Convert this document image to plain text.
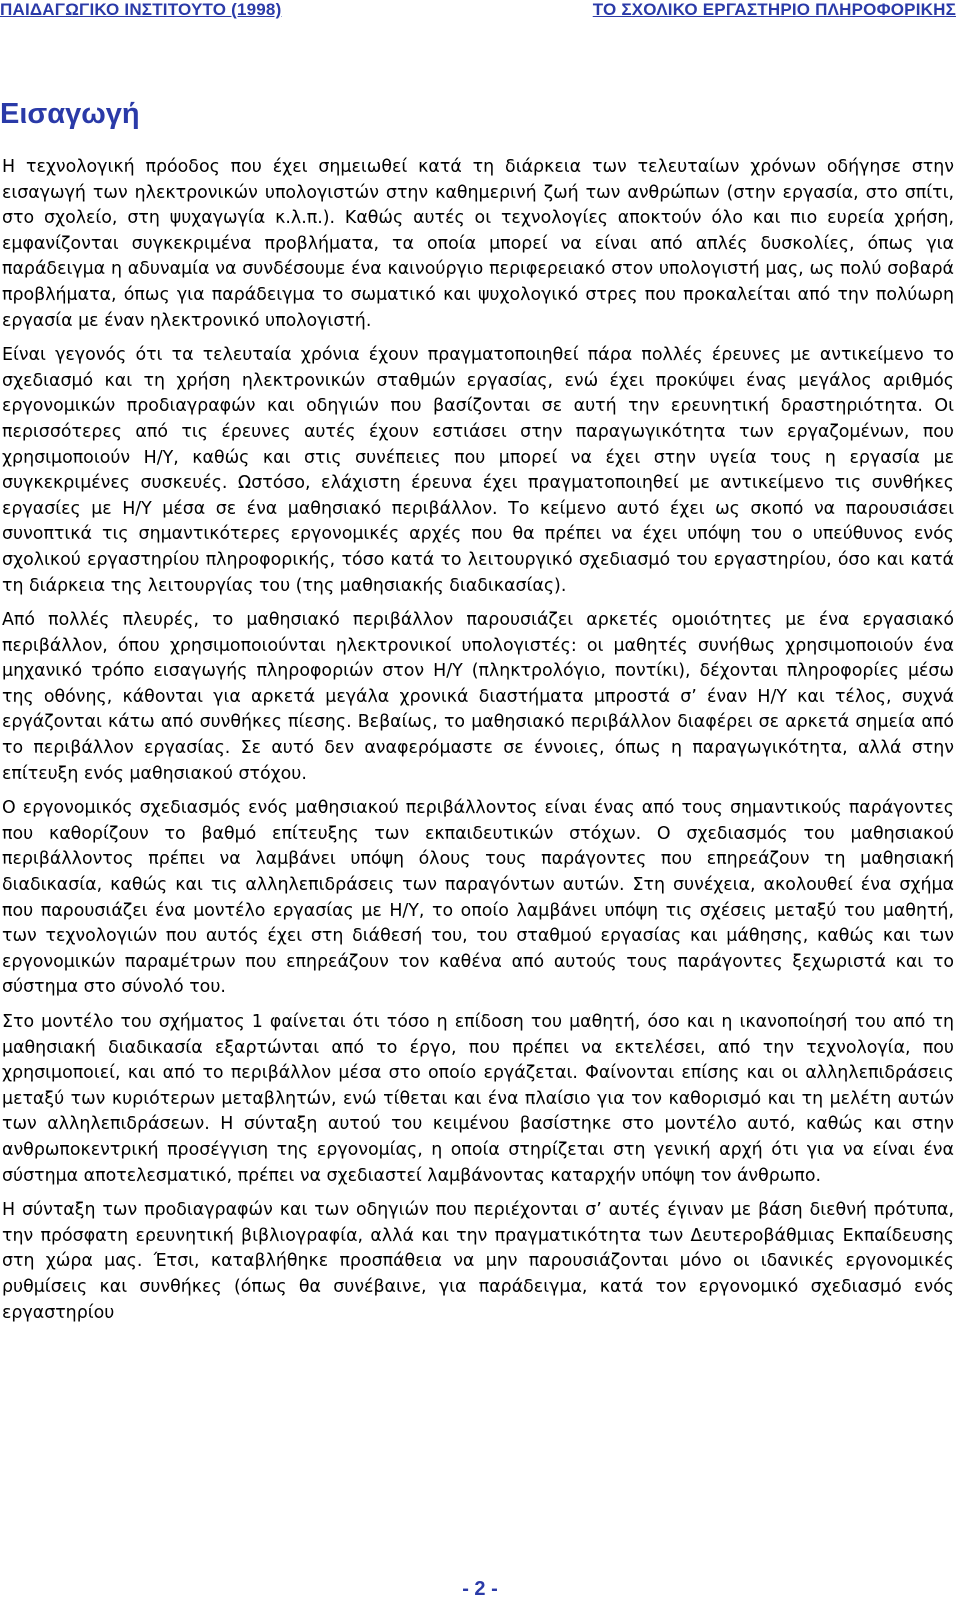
ΠΑΙΔΑΓΩΓΙΚΟ ΙΝΣΤΙΤΟΥΤΟ (1998)	ΤΟ ΣΧΟΛΙΚΟ ΕΡΓΑΣΤΗΡΙΟ ΠΛΗΡΟΦΟΡΙΚΗΣ
Εισαγωγή

Η τεχνολογική πρόοδος που έχει σημειωθεί κατά τη διάρκεια των τελευταίων χρόνων οδήγησε στην εισαγωγή των ηλεκτρονικών υπολογιστών στην καθημερινή ζωή των ανθρώπων (στην εργασία, στο σπίτι, στο σχολείο, στη ψυχαγωγία κ.λ.π.). Καθώς αυτές οι τεχνολογίες αποκτούν όλο και πιο ευρεία χρήση, εμφανίζονται συγκεκριμένα προβλήματα, τα οποία μπορεί να είναι από απλές δυσκολίες, όπως για παράδειγμα η αδυναμία να συνδέσουμε ένα καινούργιο περιφερειακό στον υπολογιστή μας, ως πολύ σοβαρά προβλήματα, όπως για παράδειγμα το σωματικό και ψυχολογικό στρες που προκαλείται από την πολύωρη εργασία με έναν ηλεκτρονικό υπολογιστή.

Είναι γεγονός ότι τα τελευταία χρόνια έχουν πραγματοποιηθεί πάρα πολλές έρευνες με αντικείμενο το σχεδιασμό και τη χρήση ηλεκτρονικών σταθμών εργασίας, ενώ έχει προκύψει ένας μεγάλος αριθμός εργονομικών προδιαγραφών και οδηγιών που βασίζονται σε αυτή την ερευνητική δραστηριότητα. Οι περισσότερες από τις έρευνες αυτές έχουν εστιάσει στην παραγωγικότητα των εργαζομένων, που χρησιμοποιούν Η/Υ, καθώς και στις συνέπειες που μπορεί να έχει στην υγεία τους η εργασία με συγκεκριμένες συσκευές. Ωστόσο, ελάχιστη έρευνα έχει πραγματοποιηθεί με αντικείμενο τις συνθήκες εργασίες με Η/Υ μέσα σε ένα μαθησιακό περιβάλλον. Το κείμενο αυτό έχει ως σκοπό να παρουσιάσει συνοπτικά τις σημαντικότερες εργονομικές αρχές που θα πρέπει να έχει υπόψη του ο υπεύθυνος ενός σχολικού εργαστηρίου πληροφορικής, τόσο κατά το λειτουργικό σχεδιασμό του εργαστηρίου, όσο και κατά τη διάρκεια της λειτουργίας του (της μαθησιακής διαδικασίας).

Από πολλές πλευρές, το μαθησιακό περιβάλλον παρουσιάζει αρκετές ομοιότητες με ένα εργασιακό περιβάλλον, όπου χρησιμοποιούνται ηλεκτρονικοί υπολογιστές: οι μαθητές συνήθως χρησιμοποιούν ένα μηχανικό τρόπο εισαγωγής πληροφοριών στον Η/Υ (πληκτρολόγιο, ποντίκι), δέχονται πληροφορίες μέσω της οθόνης, κάθονται για αρκετά μεγάλα χρονικά διαστήματα μπροστά σ’ έναν Η/Υ και τέλος, συχνά εργάζονται κάτω από συνθήκες πίεσης. Βεβαίως, το μαθησιακό περιβάλλον διαφέρει σε αρκετά σημεία από το περιβάλλον εργασίας. Σε αυτό δεν αναφερόμαστε σε έννοιες, όπως η παραγωγικότητα, αλλά στην επίτευξη ενός μαθησιακού στόχου.

Ο εργονομικός σχεδιασμός ενός μαθησιακού περιβάλλοντος είναι ένας από τους σημαντικούς παράγοντες που καθορίζουν το βαθμό επίτευξης των εκπαιδευτικών στόχων. Ο σχεδιασμός του μαθησιακού περιβάλλοντος πρέπει να λαμβάνει υπόψη όλους τους παράγοντες που επηρεάζουν τη μαθησιακή διαδικασία, καθώς και τις αλληλεπιδράσεις των παραγόντων αυτών. Στη συνέχεια, ακολουθεί ένα σχήμα που παρουσιάζει ένα μοντέλο εργασίας με Η/Υ, το οποίο λαμβάνει υπόψη τις σχέσεις μεταξύ του μαθητή, των τεχνολογιών που αυτός έχει στη διάθεσή του, του σταθμού εργασίας και μάθησης, καθώς και των εργονομικών παραμέτρων που επηρεάζουν τον καθένα από αυτούς τους παράγοντες ξεχωριστά και το σύστημα στο σύνολό του.

Στο μοντέλο του σχήματος 1 φαίνεται ότι τόσο η επίδοση του μαθητή, όσο και η ικανοποίησή του από τη μαθησιακή διαδικασία εξαρτώνται από το έργο, που πρέπει να εκτελέσει, από την τεχνολογία, που χρησιμοποιεί, και από το περιβάλλον μέσα στο οποίο εργάζεται. Φαίνονται επίσης και οι αλληλεπιδράσεις μεταξύ των κυριότερων μεταβλητών, ενώ τίθεται και ένα πλαίσιο για τον καθορισμό και τη μελέτη αυτών των αλληλεπιδράσεων. Η σύνταξη αυτού του κειμένου βασίστηκε στο μοντέλο αυτό, καθώς και στην ανθρωποκεντρική προσέγγιση της εργονομίας, η οποία στηρίζεται στη γενική αρχή ότι για να είναι ένα σύστημα αποτελεσματικό, πρέπει να σχεδιαστεί λαμβάνοντας καταρχήν υπόψη τον άνθρωπο.

Η σύνταξη των προδιαγραφών και των οδηγιών που περιέχονται σ’ αυτές έγιναν με βάση διεθνή πρότυπα, την πρόσφατη ερευνητική βιβλιογραφία, αλλά και την πραγματικότητα των Δευτεροβάθμιας Εκπαίδευσης στη χώρα μας. Έτσι, καταβλήθηκε προσπάθεια να μην παρουσιάζονται μόνο οι ιδανικές εργονομικές ρυθμίσεις και συνθήκες (όπως θα συνέβαινε, για παράδειγμα, κατά τον εργονομικό σχεδιασμό ενός εργαστηρίου

- 2 -
